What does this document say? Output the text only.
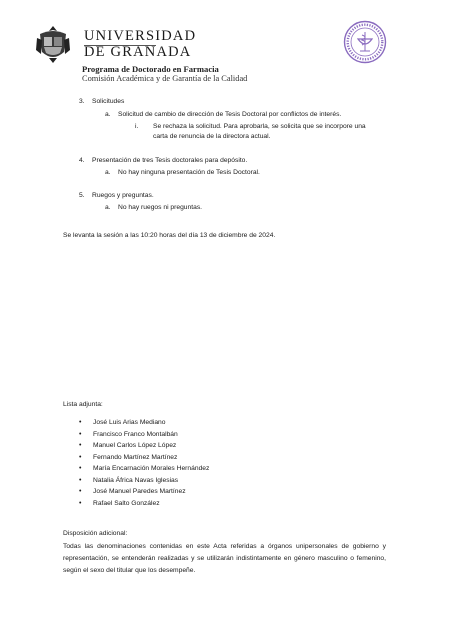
UNIVERSIDAD
DE GRANADA
Programa de Doctorado en Farmacia
Comisión Académica y de Garantía de la Calidad
3. Solicitudes
a. Solicitud de cambio de dirección de Tesis Doctoral por conflictos de interés.
i. Se rechaza la solicitud. Para aprobarla, se solicita que se incorpore una
carta de renuncia de la directora actual.
4. Presentación de tres Tesis doctorales para depósito.
a. No hay ninguna presentación de Tesis Doctoral.
5. Ruegos y preguntas.
a. No hay ruegos ni preguntas.
Se levanta la sesión a las 10:20 horas del día 13 de diciembre de 2024.
Lista adjunta:
• José Luis Arias Mediano
• Francisco Franco Montalbán
• Manuel Carlos López López
• Fernando Martínez Martínez
• María Encarnación Morales Hernández
• Natalia África Navas Iglesias
• José Manuel Paredes Martínez
• Rafael Salto González
Disposición adicional:
Todas las denominaciones contenidas en este Acta referidas a órganos unipersonales de gobierno y representación, se entenderán realizadas y se utilizarán indistintamente en género masculino o femenino, según el sexo del titular que los desempeñe.
